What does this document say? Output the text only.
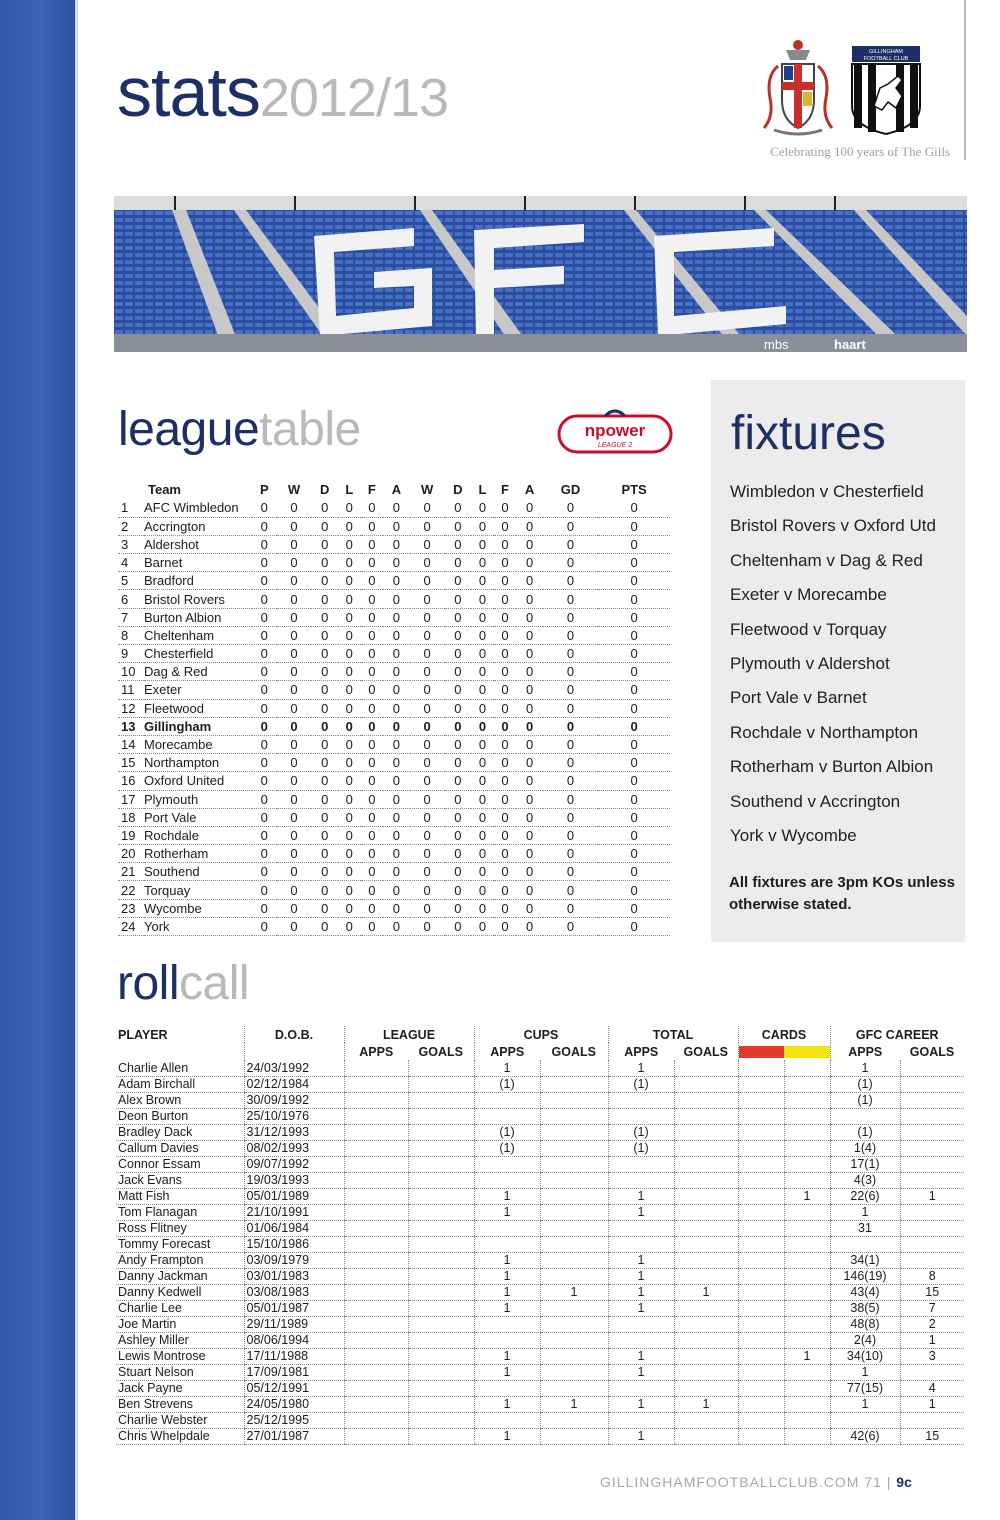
stats2012/13
GILLINGHAM
FOOTBALL CLUB
Celebrating 100 years of The Gills
mbs	haart
leaguetable	npower
LEAGUE 2
Team		P	W	D	L	F	A	W	D	L	F	A	GD	PTS
1	AFC Wimbledon	0	0	0	0	0	0	0	0	0	0	0	0	0
2	Accrington	0	0	0	0	0	0	0	0	0	0	0	0	0
3	Aldershot	0	0	0	0	0	0	0	0	0	0	0	0	0
4	Barnet	0	0	0	0	0	0	0	0	0	0	0	0	0
5	Bradford	0	0	0	0	0	0	0	0	0	0	0	0	0
6	Bristol Rovers	0	0	0	0	0	0	0	0	0	0	0	0	0
7	Burton Albion	0	0	0	0	0	0	0	0	0	0	0	0	0
8	Cheltenham	0	0	0	0	0	0	0	0	0	0	0	0	0
9	Chesterfield	0	0	0	0	0	0	0	0	0	0	0	0	0
10	Dag & Red	0	0	0	0	0	0	0	0	0	0	0	0	0
11	Exeter	0	0	0	0	0	0	0	0	0	0	0	0	0
12	Fleetwood	0	0	0	0	0	0	0	0	0	0	0	0	0
13	Gillingham	0	0	0	0	0	0	0	0	0	0	0	0	0
14	Morecambe	0	0	0	0	0	0	0	0	0	0	0	0	0
15	Northampton	0	0	0	0	0	0	0	0	0	0	0	0	0
16	Oxford United	0	0	0	0	0	0	0	0	0	0	0	0	0
17	Plymouth	0	0	0	0	0	0	0	0	0	0	0	0	0
18	Port Vale	0	0	0	0	0	0	0	0	0	0	0	0	0
19	Rochdale	0	0	0	0	0	0	0	0	0	0	0	0	0
20	Rotherham	0	0	0	0	0	0	0	0	0	0	0	0	0
21	Southend	0	0	0	0	0	0	0	0	0	0	0	0	0
22	Torquay	0	0	0	0	0	0	0	0	0	0	0	0	0
23	Wycombe	0	0	0	0	0	0	0	0	0	0	0	0	0
24	York	0	0	0	0	0	0	0	0	0	0	0	0	0
fixtures
Wimbledon v Chesterfield
Bristol Rovers v Oxford Utd
Cheltenham v Dag & Red
Exeter v Morecambe
Fleetwood v Torquay
Plymouth v Aldershot
Port Vale v Barnet
Rochdale v Northampton
Rotherham v Burton Albion
Southend v Accrington
York v Wycombe
All fixtures are 3pm KOs unless otherwise stated.
rollcall
PLAYER	D.O.B.	LEAGUE		CUPS		TOTAL		CARDS		GFC CAREER	
		APPS	GOALS	APPS	GOALS	APPS	GOALS			APPS	GOALS
Charlie Allen	24/03/1992			1		1				1	
Adam Birchall	02/12/1984			(1)		(1)				(1)	
Alex Brown	30/09/1992									(1)	
Deon Burton	25/10/1976										
Bradley Dack	31/12/1993			(1)		(1)				(1)	
Callum Davies	08/02/1993			(1)		(1)				1(4)	
Connor Essam	09/07/1992									17(1)	
Jack Evans	19/03/1993									4(3)	
Matt Fish	05/01/1989			1		1			1	22(6)	1
Tom Flanagan	21/10/1991			1		1				1	
Ross Flitney	01/06/1984									31	
Tommy Forecast	15/10/1986										
Andy Frampton	03/09/1979			1		1				34(1)	
Danny Jackman	03/01/1983			1		1				146(19)	8
Danny Kedwell	03/08/1983			1	1	1	1			43(4)	15
Charlie Lee	05/01/1987			1		1				38(5)	7
Joe Martin	29/11/1989									48(8)	2
Ashley Miller	08/06/1994									2(4)	1
Lewis Montrose	17/11/1988			1		1			1	34(10)	3
Stuart Nelson	17/09/1981			1		1				1	
Jack Payne	05/12/1991									77(15)	4
Ben Strevens	24/05/1980			1	1	1	1			1	1
Charlie Webster	25/12/1995										
Chris Whelpdale	27/01/1987			1		1				42(6)	15
GILLINGHAMFOOTBALLCLUB.COM 71 | 9c
